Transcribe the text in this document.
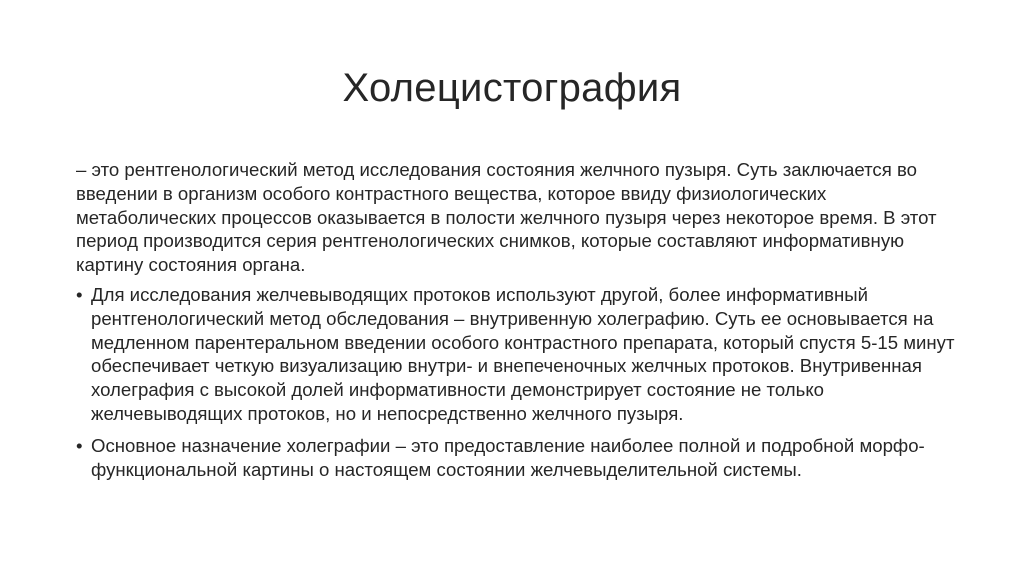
Холецистография

– это рентгенологический метод исследования состояния желчного пузыря. Суть заключается во введении в организм особого контрастного вещества, которое ввиду физиологических метаболических процессов оказывается в полости желчного пузыря через некоторое время. В этот период производится серия рентгенологических снимков, которые составляют информативную картину состояния органа.

• Для исследования желчевыводящих протоков используют другой, более информативный рентгенологический метод обследования – внутривенную холеграфию. Суть ее основывается на медленном парентеральном введении особого контрастного препарата, который спустя 5-15 минут обеспечивает четкую визуализацию внутри- и внепеченочных желчных протоков. Внутривенная холеграфия с высокой долей информативности демонстрирует состояние не только желчевыводящих протоков, но и непосредственно желчного пузыря.
• Основное назначение холеграфии – это предоставление наиболее полной и подробной морфо-функциональной картины о настоящем состоянии желчевыделительной системы.
